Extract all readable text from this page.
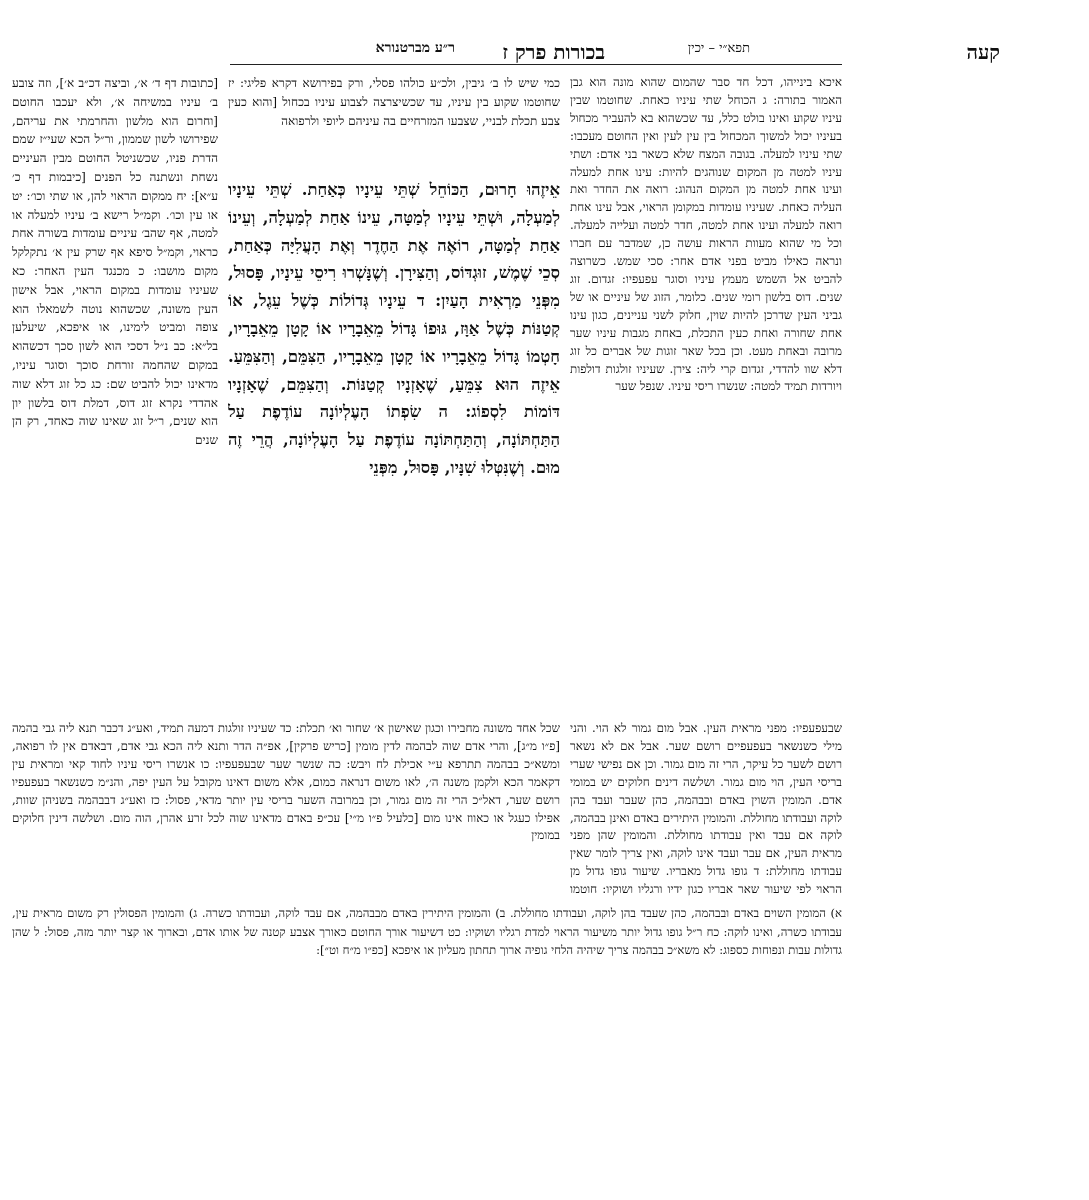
קעה
תפא״י – יכין
בכורות פרק ז
ר״ע מברטנורא

איכא בינייהו, דכל חד סבר שהמום שהוא מונה הוא גבן האמור בתורה: ג הכוחל שתי עיניו כאחת. שחוטמו שבין עיניו שקוע ואינו בולט כלל, עד שכשהוא בא להעביר מכחול בעיניו יכול למשוך המכחול בין עין לעין ואין החוטם מעכבו: שתי עיניו למעלה. בגובה המצח שלא כשאר בני אדם: ושתי עיניו למטה מן המקום שנוהגים להיות: עינו אחת למעלה ועינו אחת למטה מן המקום הנהוג: רואה את החדר ואת העליה כאחת. שעיניו עומדות במקומן הראוי, אבל עינו אחת רואה למעלה ועינו אחת למטה, חדר למטה ועלייה למעלה. וכל מי שהוא מעוות הראות עושה כן, שמדבר עם חברו ונראה כאילו מביט בפני אדם אחר: סכי שמש. כשרוצה להביט אל השמש מעמץ עיניו וסוגר עפעפיו: זגדום. זוג שנים. דוס בלשון רומי שנים. כלומר, הזוג של עיניים או של גביני העין שדרכן להיות שוין, חלוק לשני עניינים, כגון עינו אחת שחורה ואחת כעין התכלת, באחת מגבות עיניו שער מרובה ובאחת מעט. וכן בכל שאר זוגות של אברים כל זוג דלא שוו להדדי, זגדום קרי ליה: צירן. שעיניו זולגות דולפות ויורדות תמיד למטה: שנשרו ריסי עיניו. שנפל שער

אֵיזֶהוּ חָרוּם, הַכּוֹחֵל שְׁתֵּי עֵינָיו כְּאַחַת. שְׁתֵּי עֵינָיו לְמַעְלָה, וּשְׁתֵּי עֵינָיו לְמַטָּה, עֵינוֹ אַחַת לְמַעְלָה, וְעֵינוֹ אַחַת לְמַטָּה, רוֹאֶה אֶת הַחֶדֶר וְאֶת הָעֲלִיָּה כְּאַחַת, סְכֵי שֶׁמֶשׁ, זוּגְדּוֹס, וְהַצִּירָן. וְשֶׁנָּשְׁרוּ רִיסֵי עֵינָיו, פָּסוּל, מִפְּנֵי מַרְאִית הָעַיִן: ד עֵינָיו גְּדוֹלוֹת כְּשֶׁל עֵגֶל, אוֹ קְטַנּוֹת כְּשֶׁל אַוָּז, גּוּפוֹ גָּדוֹל מֵאֵבָרָיו אוֹ קָטָן מֵאֵבָרָיו, חָטְמוֹ גָּדוֹל מֵאֵבָרָיו אוֹ קָטָן מֵאֵבָרָיו, הַצִּמֵּם, וְהַצִּמֵּעַ. אֵיזֶה הוּא צִמֵּעַ, שֶׁאָזְנָיו קְטַנּוֹת. וְהַצִּמֵּם, שֶׁאָזְנָיו דּוֹמוֹת לִסְפוֹג: ה שִׂפְתוֹ הָעֶלְיוֹנָה עוֹדֶפֶת עַל הַתַּחְתּוֹנָה, וְהַתַּחְתּוֹנָה עוֹדֶפֶת עַל הָעֶלְיוֹנָה, הֲרֵי זֶה מוּם. וְשֶׁנִּטְּלוּ שִׁנָּיו, פָּסוּל, מִפְּנֵי

כמי שיש לו ב׳ גיבין, ולכ״ע כולהו פסלי, ורק בפירושא דקרא פליגי: יז שחוטמו שקוע בין עיניו, עד שכשיצרצה לצבוע עיניו בכחול [והוא כעין צבע תכלת לבניי, שצבעו המזרחיים בה עיניהם ליופי ולרפואה

[כתובות דף ד׳ א׳, וביצה דכ״ב א׳], וזה צובע ב׳ עיניו במשיחה א׳, ולא יעכבו החוטם [וחרום הוא מלשון והחרמתי את עריהם, שפירושו לשון שממון, ור״ל הכא שעי״ז שמם הדרת פניו, שכשניטל החוטם מבין העיניים נשחת ונשתנה כל הפנים [כיבמות דף כ׳ ע״א]: יח ממקום הראוי להן, או שתי וכו׳: יט או עין וכו׳. וקמ״ל רישא ב׳ עיניו למעלה או למטה, אף שהב׳ עיניים עומדות בשורה אחת כראוי, וקמ״ל סיפא אף שרק עין א׳ נתקלקל מקום מושבו: כ מכנגד העין האחר: כא שעיניו עומדות במקום הראוי, אבל אישון העין משונה, שכשהוא נוטה לשמאלו הוא צופה ומביט לימינו, או איפכא, שיעלען בל״א: כב נ״ל דסכי הוא לשון סכך דכשהוא במקום שהחמה זורחת סוכך וסוגר עיניו, מדאינו יכול להביט שם: כג כל זוג דלא שוה אהדדי נקרא זוג דוס, דמלת דוס בלשון יון הוא שנים, ר״ל זוג שאינו שוה כאחד, רק הן שנים

שבעפעפיו: מפני מראית העין. אבל מום גמור לא הוי. והני מילי כשנשאר בעפעפיים רושם שער. אבל אם לא נשאר רושם לשער כל עיקר, הרי זה מום גמור. וכן אם נפישי שערי בריסי העין, הוי מום גמור. ושלשה דינים חלוקים יש במומי אדם. המומין השוין באדם ובבהמה, כהן שעבר ועבד בהן לוקה ועבודתו מחוללת. והמומין היתירים באדם ואינן בבהמה, לוקה אם עבד ואין עבודתו מחוללת. והמומין שהן מפני מראית העין, אם עבר ועבד אינו לוקה, ואין צריך לומר שאין עבודתו מחוללת: ד גופו גדול מאבריו. שיעור גופו גדול מן הראוי לפי שיעור שאר אבריו כגון ידיו ורגליו ושוקיו: חוטמו

שכל אחד משונה מחבירו וכגון שאישון א׳ שחור וא׳ תכלת: כד שעיניו זולגות דמעה תמיד, ואע״ג דכבר תנא ליה גבי בהמה [פ״ו מ״ג], והרי אדם שוה לבהמה לדין מומין [כריש פרקין], אפ״ה הדר ותנא ליה הכא גבי אדם, דבאדם אין לו רפואה, ומשא״כ בבהמה תתרפא ע״י אכילת לח ויבש: כה שנשר שער שבעפעפיו: כו אנשרו ריסי עיניו לחוד קאי ומראית עין דקאמר הכא ולקמן משנה ה׳, לאו משום דנראה כמום, אלא משום דאינו מקובל על העין יפה, והנ״מ כשנשאר בעפעפיו רושם שער, דאל״כ הרי זה מום גמור, וכן במרובה השער בריסי עין יותר מדאי, פסול: כז ואע״ג דבבהמה בשניהן שוות, אפילו כעגל או כאווז אינו מום [כלעיל פ״ו מ״י] עכ״פ באדם מדאינו שוה לכל זרע אהרן, הוה מום. ושלשה דינין חלוקים במומין

א) המומין השוים באדם ובבהמה, כהן שעבד בהן לוקה, ועבודתו מחוללת. ב) והמומין היתירין באדם מבבהמה, אם עבד לוקה, ועבודתו כשרה. ג) והמומין הפסולין רק משום מראית עין, עבודתו כשרה, ואינו לוקה: כח ר״ל גופו גדול יותר משיעור הראוי למדת רגליו ושוקיו: כט דשיעור אורך החוטם כאורך אצבע קטנה של אותו אדם, ובארוך או קצר יותר מזה, פסול: ל שהן גדולות עבות ונפוחות כספוג: לא משא״כ בבהמה צריך שיהיה הלחי גופיה ארוך תחתון מעליון או איפכא [כפ״ו מ״ח וט״]:
